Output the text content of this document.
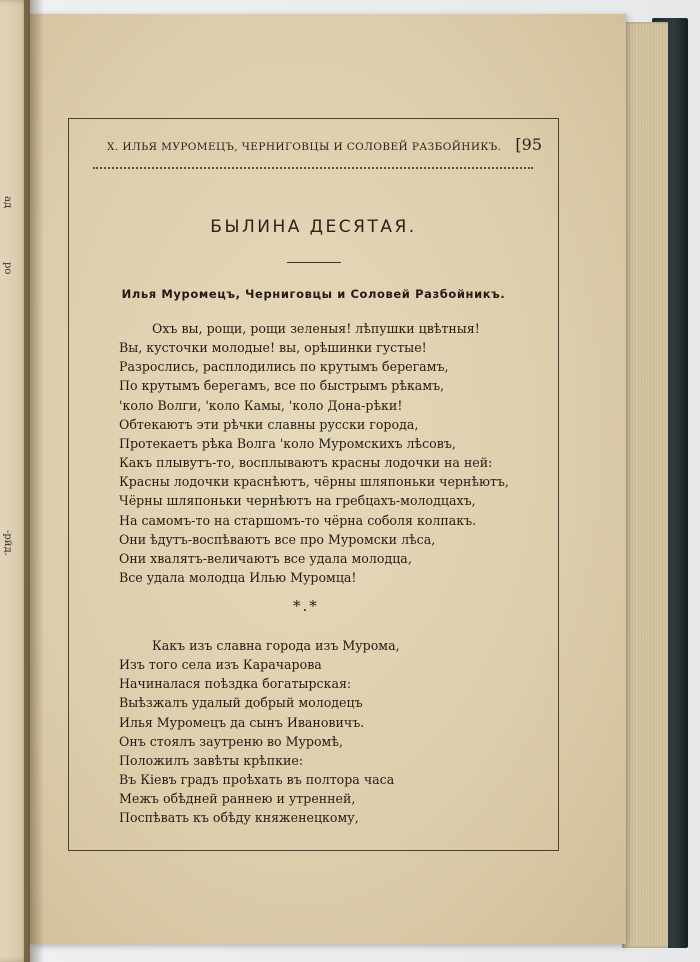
ад
ро
-рйд.
X. ИЛЬЯ МУРОМЕЦЪ, ЧЕРНИГОВЦЫ И СОЛОВЕЙ РАЗБОЙНИКЪ. [95
БЫЛИНА ДЕСЯТАЯ.
Илья Муромецъ, Черниговцы и Соловей Разбойникъ.
Охъ вы, рощи, рощи зеленыя! лѣпушки цвѣтныя!
Вы, кусточки молодые! вы, орѣшинки густые!
Разрослись, расплодились по крутымъ берегамъ,
По крутымъ берегамъ, все по быстрымъ рѣкамъ,
'коло Волги, 'коло Камы, 'коло Дона-рѣки!
Обтекаютъ эти рѣчки славны русски города,
Протекаетъ рѣка Волга 'коло Муромскихъ лѣсовъ,
Какъ плывутъ-то, восплываютъ красны лодочки на ней:
Красны лодочки краснѣютъ, чёрны шляпоньки чернѣютъ,
Чёрны шляпоньки чернѣютъ на гребцахъ-молодцахъ,
На самомъ-то на старшомъ-то чёрна соболя колпакъ.
Они ѣдутъ-воспѣваютъ все про Муромски лѣса,
Они хвалятъ-величаютъ все удала молодца,
Все удала молодца Илью Муромца!
*.*
Какъ изъ славна города изъ Мурома,
Изъ того села изъ Карачарова
Начиналася поѣздка богатырская:
Выѣзжалъ удалый добрый молодецъ
Илья Муромецъ да сынъ Ивановичъ.
Онъ стоялъ заутреню во Муромѣ,
Положилъ завѣты крѣпкие:
Въ Кіевъ градъ проѣхать въ полтора часа
Межъ обѣдней раннею и утренней,
Поспѣвать къ обѣду княженецкому,
